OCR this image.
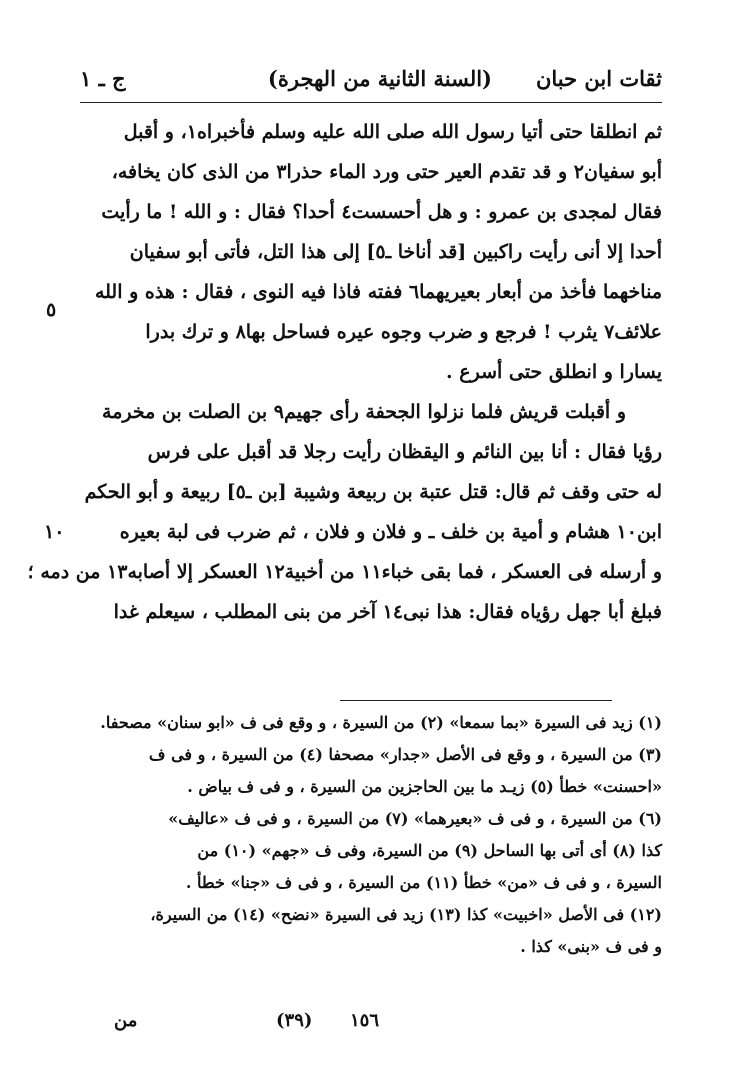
ثقات ابن حبان
(السنة الثانية من الهجرة)
ج ـ ١
٥
١٠
ثم انطلقا حتى أتيا رسول الله صلى الله عليه وسلم فأخبراه١، و أقبل
أبو سفيان٢ و قد تقدم العير حتى ورد الماء حذرا٣ من الذى كان يخافه،
فقال لمجدى بن عمرو : و هل أحسست٤ أحدا؟ فقال : و الله ! ما رأيت
أحدا إلا أنى رأيت راكبين [قد أناخا ـ٥] إلى هذا التل، فأتى أبو سفيان
مناخهما فأخذ من أبعار بعيريهما٦ ففته فاذا فيه النوى ، فقال : هذه و الله
علائف٧ يثرب ! فرجع و ضرب وجوه عيره فساحل بها٨ و ترك بدرا
يسارا و انطلق حتى أسرع .
و أقبلت قريش فلما نزلوا الجحفة رأى جهيم٩ بن الصلت بن مخرمة
رؤيا فقال : أنا بين النائم و اليقظان رأيت رجلا قد أقبل على فرس
له حتى وقف ثم قال: قتل عتبة بن ربيعة وشيبة [بن ـ٥] ربيعة و أبو الحكم
ابن١٠ هشام و أمية بن خلف ـ و فلان و فلان ، ثم ضرب فى لبة بعيره
و أرسله فى العسكر ، فما بقى خباء١١ من أخبية١٢ العسكر إلا أصابه١٣ من دمه ؛
فبلغ أبا جهل رؤياه فقال: هذا نبى١٤ آخر من بنى المطلب ، سيعلم غدا
(١) زيد فى السيرة «بما سمعا» (٢) من السيرة ، و وقع فى ف «ابو سنان» مصحفا.
(٣) من السيرة ، و وقع فى الأصل «جدار» مصحفا (٤) من السيرة ، و فى ف
«احسنت» خطأ (٥) زيـد ما بين الحاجزين من السيرة ، و فى ف بياض .
(٦) من السيرة ، و فى ف «بعيرهما» (٧) من السيرة ، و فى ف «عاليف»
كذا (٨) أى أتى بها الساحل (٩) من السيرة، وفى ف «جهم» (١٠) من
السيرة ، و فى ف «من» خطأ (١١) من السيرة ، و فى ف «جنا» خطأ .
(١٢) فى الأصل «اخبيت» كذا (١٣) زيد فى السيرة «نضح» (١٤) من السيرة،
و فى ف «بنى» كذا .
من	(٣٩) ١٥٦
